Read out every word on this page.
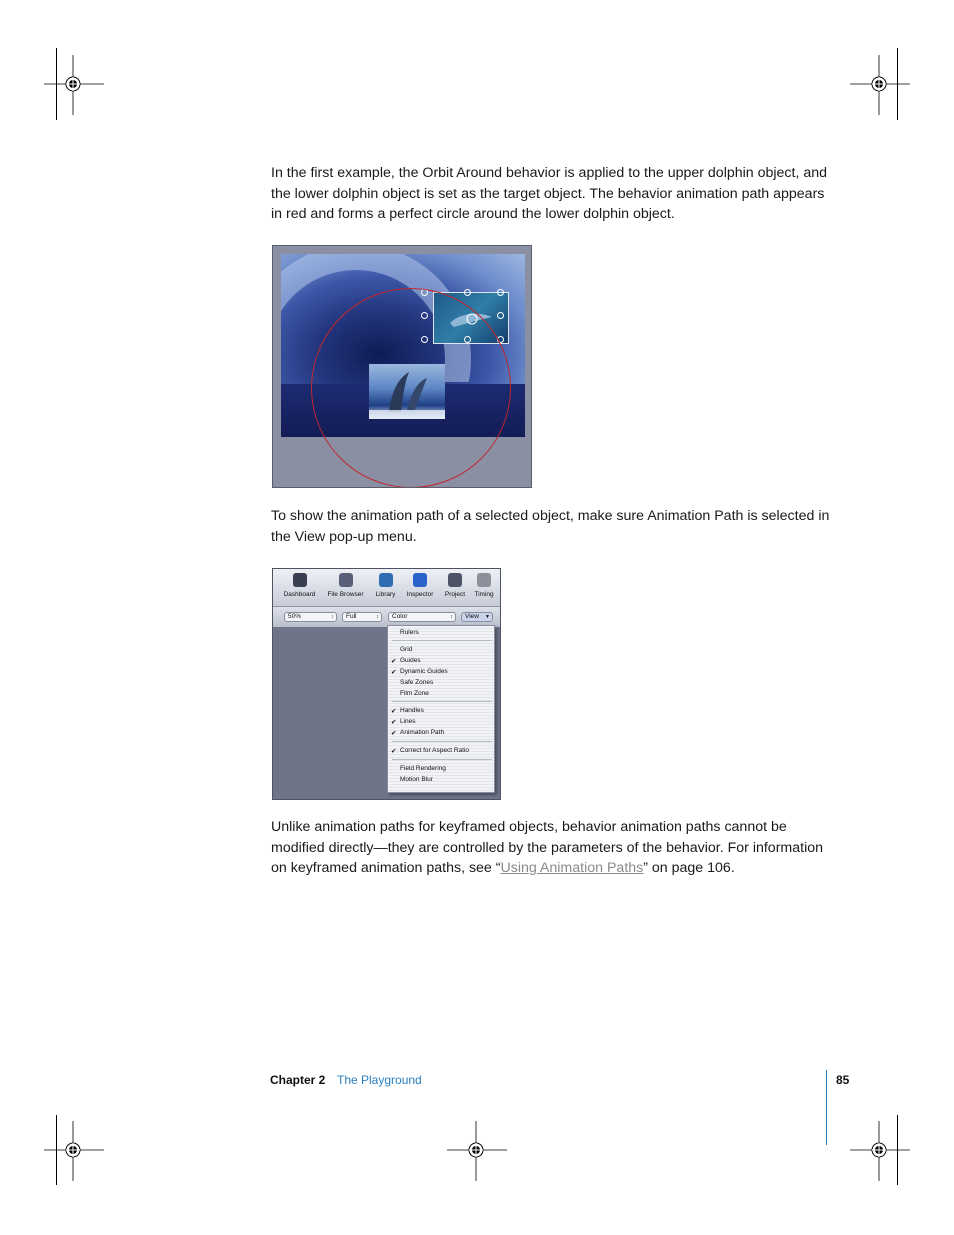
In the first example, the Orbit Around behavior is applied to the upper dolphin object, and the lower dolphin object is set as the target object. The behavior animation path appears in red and forms a perfect circle around the lower dolphin object.

To show the animation path of a selected object, make sure Animation Path is selected in the View pop-up menu.

Dashboard	File Browser	Library	Inspector	Project	Timing
50%	↕	Full	↕	Color	↕	View ▼
Rulers
Grid
✔ Guides
✔ Dynamic Guides
Safe Zones
Film Zone
✔ Handles
✔ Lines
✔ Animation Path
✔ Correct for Aspect Ratio
Field Rendering
Motion Blur

Unlike animation paths for keyframed objects, behavior animation paths cannot be modified directly—they are controlled by the parameters of the behavior. For information on keyframed animation paths, see “Using Animation Paths” on page 106.

Chapter 2 The Playground	85
